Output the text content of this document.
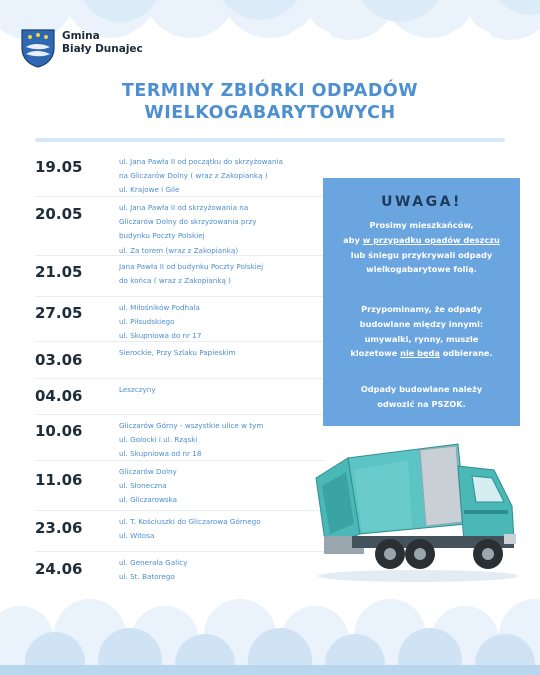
Gmina
Biały Dunajec
TERMINY ZBIÓRKI ODPADÓW
WIELKOGABARYTOWYCH
19.05	ul. Jana Pawła II od początku do skrzyżowania
na Gliczarów Dolny ( wraz z Zakopianką )
ul. Krajowe i Gile
20.05	ul. Jana Pawła II od skrzyżowania na
Gliczarów Dolny do skrzyżowania przy
budynku Poczty Polskiej
ul. Za torem (wraz z Zakopianką)
21.05	Jana Pawła II od budynku Poczty Polskiej
do końca ( wraz z Zakopianką )
27.05	ul. Miłośników Podhala
ul. Piłsudskiego
ul. Skupniowa do nr 17
03.06	Sierockie, Przy Szlaku Papieskim
04.06	Leszczyny
10.06	Gliczarów Górny - wszystkie ulice w tym
ul. Golocki i ul. Rząski
ul. Skupniowa od nr 18
11.06	Gliczarów Dolny
ul. Słoneczna
ul. Gliczarowska
23.06	ul. T. Kościuszki do Gliczarowa Górnego
ul. Witosa
24.06	ul. Generała Galicy
ul. St. Batorego
UWAGA!
Prosimy mieszkańców,
aby w przypadku opadów deszczu
lub śniegu przykrywali odpady
wielkogabarytowe folią.
Przypominamy, że odpady
budowlane między innymi:
umywalki, rynny, muszle
klozetowe nie będą odbierane.
Odpady budowlane należy
odwozić na PSZOK.
